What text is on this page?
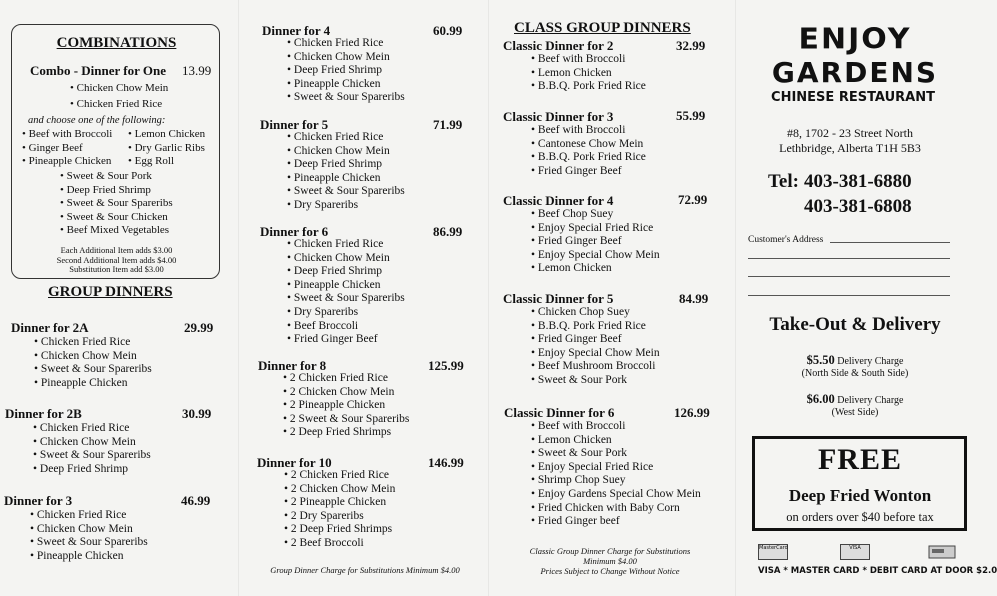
COMBINATIONS
Combo - Dinner for One 13.99
• Chicken Chow Mein
• Chicken Fried Rice
and choose one of the following:
• Beef with Broccoli
• Ginger Beef
• Pineapple Chicken
• Lemon Chicken
• Dry Garlic Ribs
• Egg Roll
• Sweet & Sour Pork
• Deep Fried Shrimp
• Sweet & Sour Spareribs
• Sweet & Sour Chicken
• Beef Mixed Vegetables
Each Additional Item adds $3.00
Second Additional Item adds $4.00
Substitution Item add $3.00
GROUP DINNERS
Dinner for 2A	29.99
• Chicken Fried Rice
• Chicken Chow Mein
• Sweet & Sour Spareribs
• Pineapple Chicken
Dinner for 2B	30.99
• Chicken Fried Rice
• Chicken Chow Mein
• Sweet & Sour Spareribs
• Deep Fried Shrimp
Dinner for 3	46.99
• Chicken Fried Rice
• Chicken Chow Mein
• Sweet & Sour Spareribs
• Pineapple Chicken
Dinner for 4	60.99
• Chicken Fried Rice
• Chicken Chow Mein
• Deep Fried Shrimp
• Pineapple Chicken
• Sweet & Sour Spareribs
Dinner for 5	71.99
• Chicken Fried Rice
• Chicken Chow Mein
• Deep Fried Shrimp
• Pineapple Chicken
• Sweet & Sour Spareribs
• Dry Spareribs
Dinner for 6	86.99
• Chicken Fried Rice
• Chicken Chow Mein
• Deep Fried Shrimp
• Pineapple Chicken
• Sweet & Sour Spareribs
• Dry Spareribs
• Beef Broccoli
• Fried Ginger Beef
Dinner for 8	125.99
• 2 Chicken Fried Rice
• 2 Chicken Chow Mein
• 2 Pineapple Chicken
• 2 Sweet & Sour Spareribs
• 2 Deep Fried Shrimps
Dinner for 10	146.99
• 2 Chicken Fried Rice
• 2 Chicken Chow Mein
• 2 Pineapple Chicken
• 2 Dry Spareribs
• 2 Deep Fried Shrimps
• 2 Beef Broccoli
Group Dinner Charge for Substitutions Minimum $4.00
CLASS GROUP DINNERS
Classic Dinner for 2	32.99
• Beef with Broccoli
• Lemon Chicken
• B.B.Q. Pork Fried Rice
Classic Dinner for 3	55.99
• Beef with Broccoli
• Cantonese Chow Mein
• B.B.Q. Pork Fried Rice
• Fried Ginger Beef
Classic Dinner for 4	72.99
• Beef Chop Suey
• Enjoy Special Fried Rice
• Fried Ginger Beef
• Enjoy Special Chow Mein
• Lemon Chicken
Classic Dinner for 5	84.99
• Chicken Chop Suey
• B.B.Q. Pork Fried Rice
• Fried Ginger Beef
• Enjoy Special Chow Mein
• Beef Mushroom Broccoli
• Sweet & Sour Pork
Classic Dinner for 6	126.99
• Beef with Broccoli
• Lemon Chicken
• Sweet & Sour Pork
• Enjoy Special Fried Rice
• Shrimp Chop Suey
• Enjoy Gardens Special Chow Mein
• Fried Chicken with Baby Corn
• Fried Ginger beef
Classic Group Dinner Charge for Substitutions
Minimum $4.00
Prices Subject to Change Without Notice
ENJOY
GARDENS
CHINESE RESTAURANT
#8, 1702 - 23 Street North
Lethbridge, Alberta T1H 5B3
Tel: 403-381-6880
403-381-6808
Customer's Address
Take-Out & Delivery
$5.50 Delivery Charge
(North Side & South Side)
$6.00 Delivery Charge
(West Side)
FREE
Deep Fried Wonton
on orders over $40 before tax
MasterCard	VISA
VISA * MASTER CARD * DEBIT CARD AT DOOR $2.0
